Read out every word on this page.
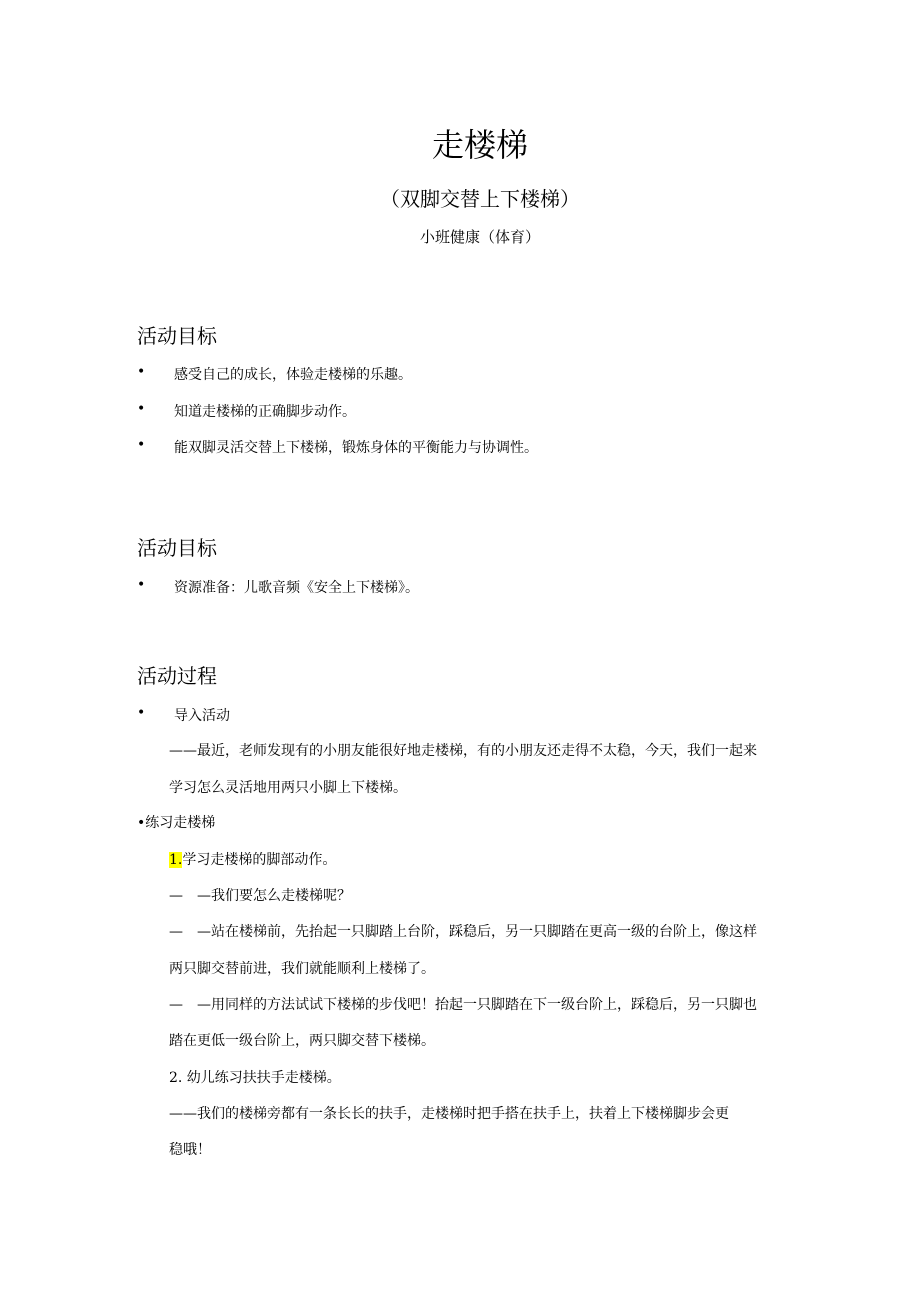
走楼梯
（双脚交替上下楼梯）
小班健康（体育）
活动目标
• 感受自己的成长，体验走楼梯的乐趣。
• 知道走楼梯的正确脚步动作。
• 能双脚灵活交替上下楼梯，锻炼身体的平衡能力与协调性。
活动目标
• 资源准备：儿歌音频《安全上下楼梯》。
活动过程
• 导入活动
——最近，老师发现有的小朋友能很好地走楼梯，有的小朋友还走得不太稳，今天，我们一起来
学习怎么灵活地用两只小脚上下楼梯。
•练习走楼梯
1.学习走楼梯的脚部动作。
—　—我们要怎么走楼梯呢？
—　—站在楼梯前，先抬起一只脚踏上台阶，踩稳后，另一只脚踏在更高一级的台阶上，像这样
两只脚交替前进，我们就能顺利上楼梯了。
—　—用同样的方法试试下楼梯的步伐吧！抬起一只脚踏在下一级台阶上，踩稳后，另一只脚也
踏在更低一级台阶上，两只脚交替下楼梯。
2. 幼儿练习扶扶手走楼梯。
——我们的楼梯旁都有一条长长的扶手，走楼梯时把手搭在扶手上，扶着上下楼梯脚步会更
稳哦！
